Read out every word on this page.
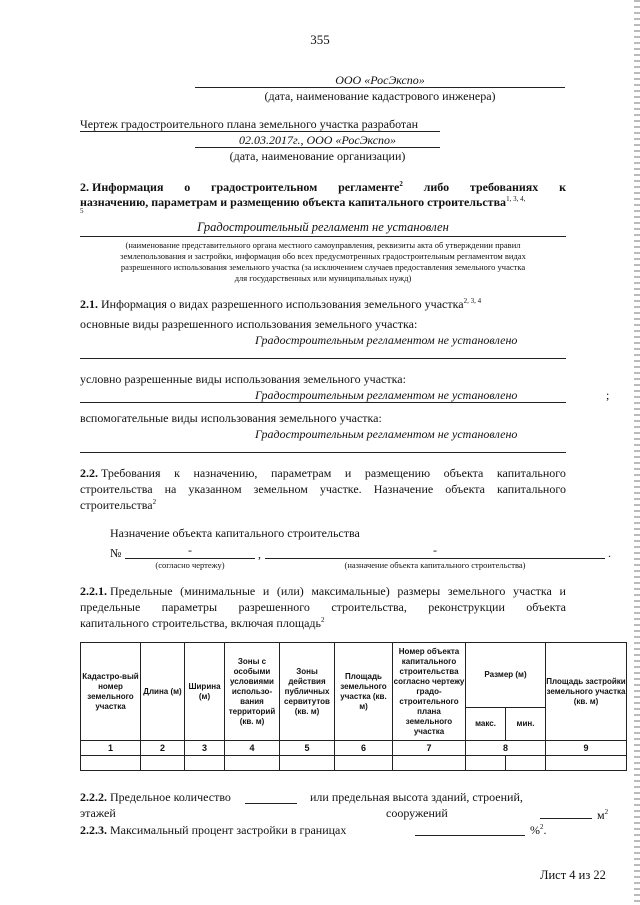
355
ООО «РосЭкспо»
(дата, наименование кадастрового инженера)
Чертеж градостроительного плана земельного участка разработан
02.03.2017г., ООО «РосЭкспо»
(дата, наименование организации)
2. Информация о градостроительном регламенте$^2$ либо требованиях к
назначению, параметрам и размещению объекта капитального строительства$^{1, 3, 4,}$
5
Градостроительный регламент не установлен
(наименование представительного органа местного самоуправления, реквизиты акта об утверждении правил
землепользования и застройки, информация обо всех предусмотренных градостроительным регламентом видах
разрешенного использования земельного участка (за исключением случаев предоставления земельного участка
для государственных или муниципальных нужд)
2.1. Информация о видах разрешенного использования земельного участка$^{2, 3, 4}$
основные виды разрешенного использования земельного участка:
Градостроительным регламентом не установлено
условно разрешенные виды использования земельного участка:
Градостроительным регламентом не установлено	;
вспомогательные виды использования земельного участка:
Градостроительным регламентом не установлено
2.2. Требования к назначению, параметрам и размещению объекта капитального
строительства на указанном земельном участке. Назначение объекта капитального
строительства$^2$
Назначение объекта капитального строительства
№	-	,	-	.
(согласно чертежу)	(назначение объекта капитального строительства)
2.2.1. Предельные (минимальные и (или) максимальные) размеры земельного участка и
предельные параметры разрешенного строительства, реконструкции объекта
капитального строительства, включая площадь$^2$
Кадастро-вый номер земельного участка	Длина (м)	Ширина (м)	Зоны с особыми условиями использо-вания территорий (кв. м)	Зоны действия публичных сервитутов (кв. м)	Площадь земельного участка (кв. м)	Номер объекта капитального строительства согласно чертежу градо-строительного плана земельного участка	Размер (м)		Площадь застройки земельного участка (кв. м)
							макс.	мин.	
1	2	3	4	5	6	7	8		9

2.2.2. Предельное количество	или предельная высота зданий, строений,
этажей	сооружений	$м^2$
2.2.3. Максимальный процент застройки в границах	%$^2$.
Лист 4 из 22
